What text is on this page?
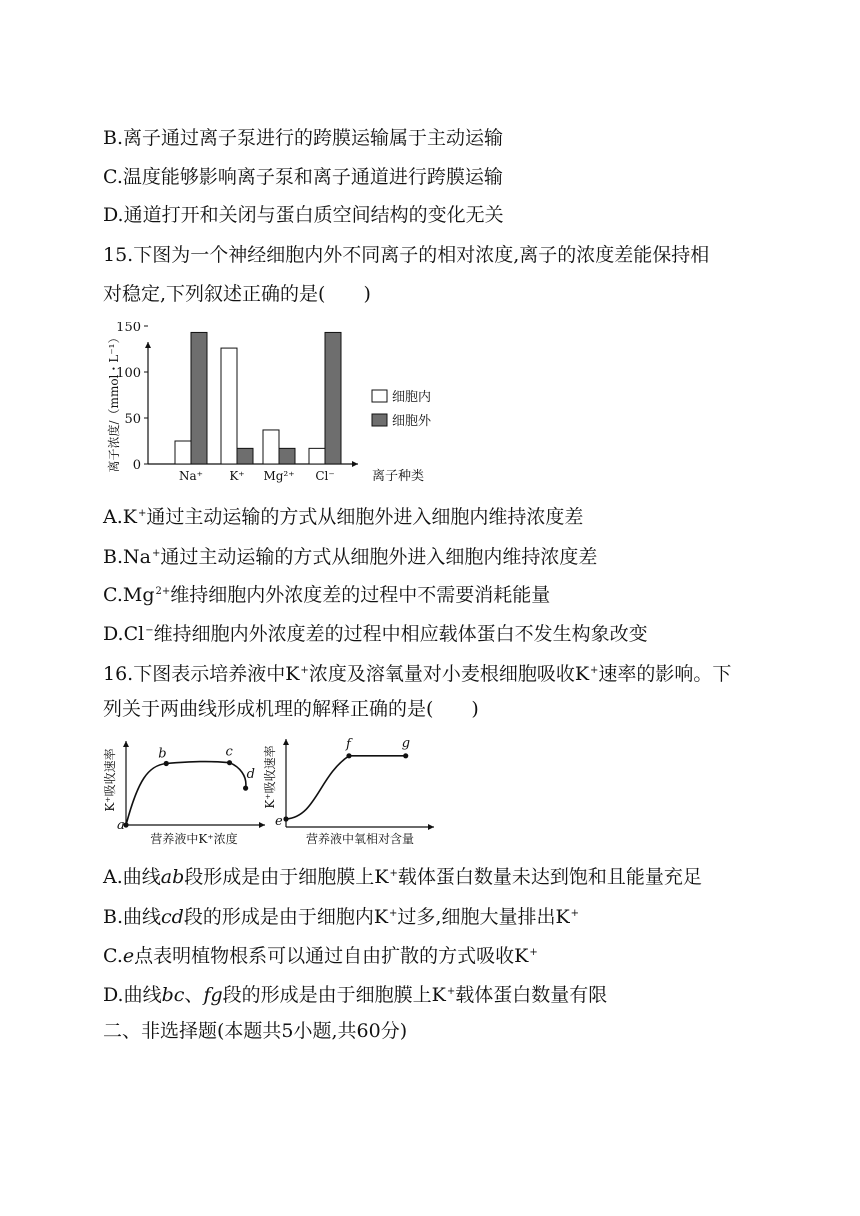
B.离子通过离子泵进行的跨膜运输属于主动运输
C.温度能够影响离子泵和离子通道进行跨膜运输
D.通道打开和关闭与蛋白质空间结构的变化无关
15.下图为一个神经细胞内外不同离子的相对浓度,离子的浓度差能保持相
对稳定,下列叙述正确的是(　　)
0
50
100
150
离子浓度/（mmol・L⁻¹）
Na⁺ K⁺ Mg²⁺ Cl⁻	离子种类
细胞内
细胞外
A.K+通过主动运输的方式从细胞外进入细胞内维持浓度差
B.Na+通过主动运输的方式从细胞外进入细胞内维持浓度差
$C.Mg^{2+}$维持细胞内外浓度差的过程中不需要消耗能量
D.Cl−维持细胞内外浓度差的过程中相应载体蛋白不发生构象改变
16.下图表示培养液中K+浓度及溶氧量对小麦根细胞吸收K+速率的影响。下
列关于两曲线形成机理的解释正确的是(　　)
K⁺吸收速率
营养液中K⁺浓度
a
b	c
d K⁺吸收速率
营养液中氧相对含量
e
f	g
A.曲线ab段形成是由于细胞膜上K+载体蛋白数量未达到饱和且能量充足
B.曲线cd段的形成是由于细胞内K+过多,细胞大量排出K+
C.e点表明植物根系可以通过自由扩散的方式吸收K+
D.曲线bc、fg段的形成是由于细胞膜上K+载体蛋白数量有限
二、非选择题(本题共5小题,共60分)
